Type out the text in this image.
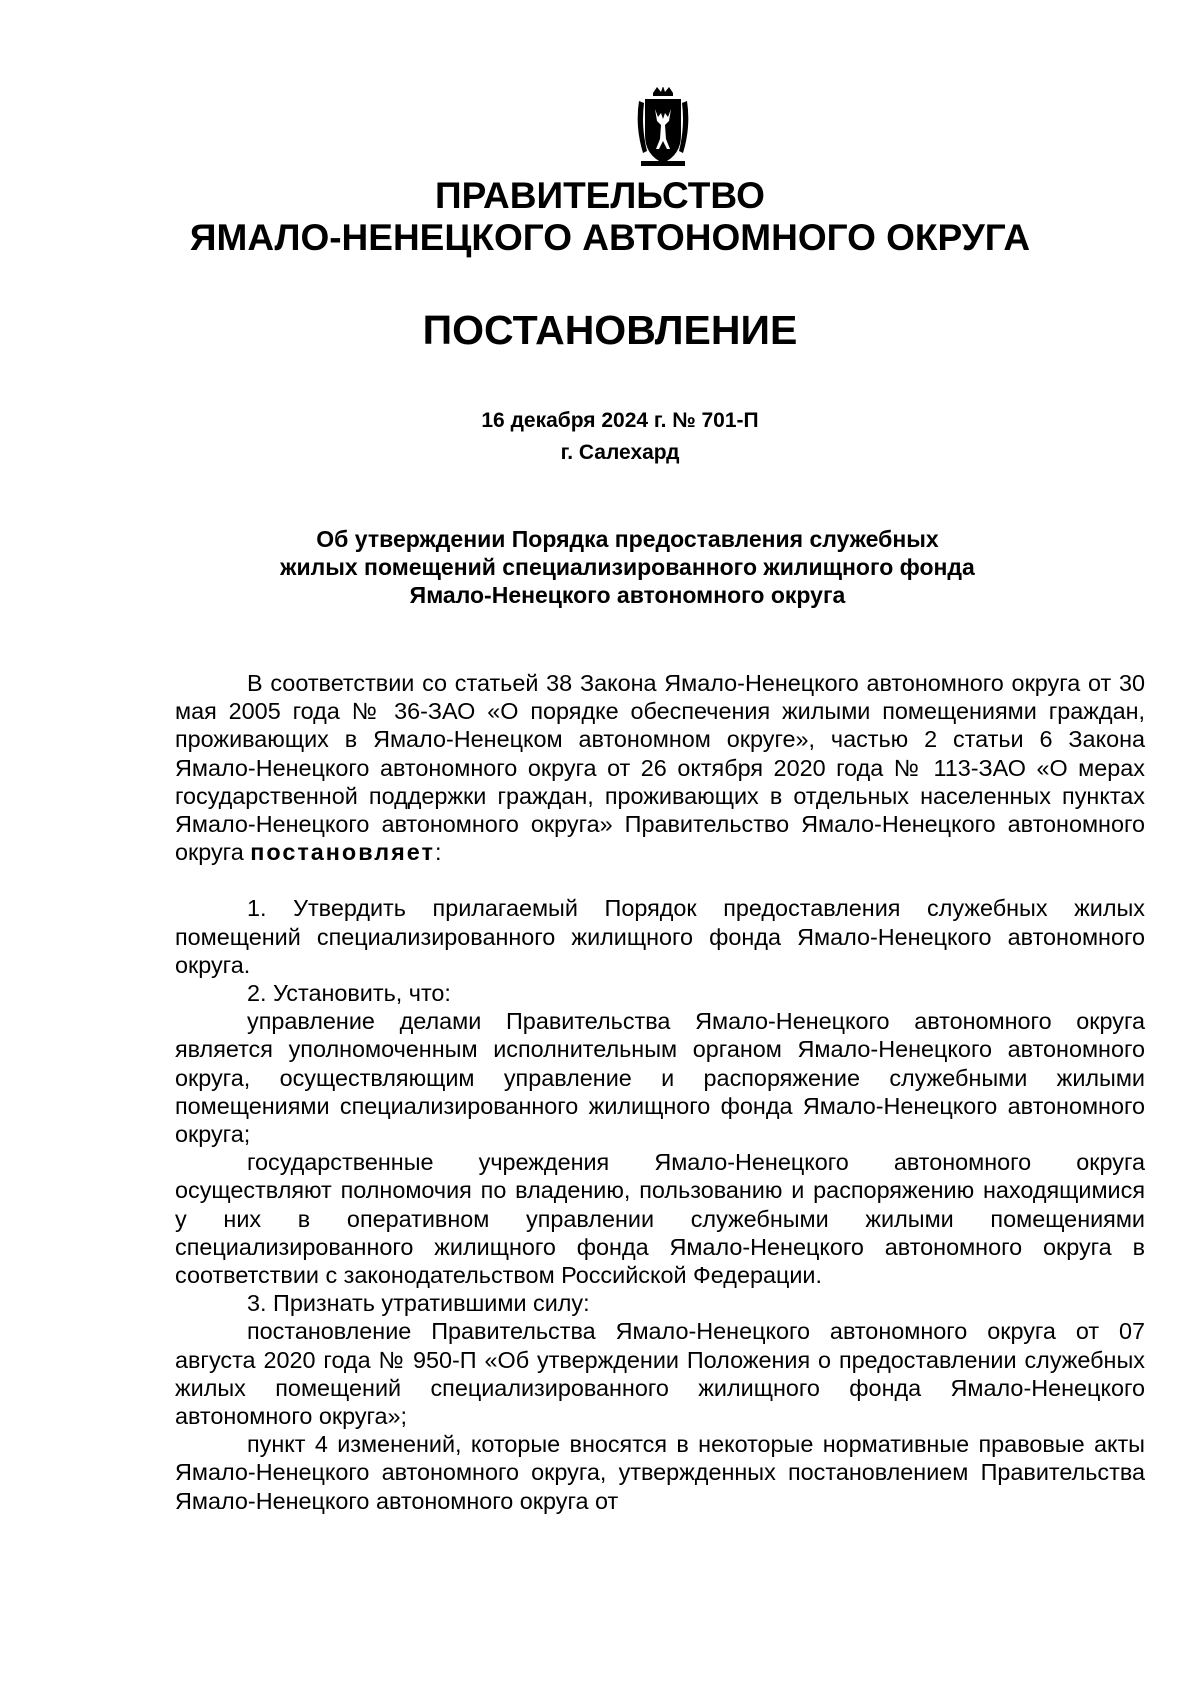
ПРАВИТЕЛЬСТВО
ЯМАЛО-НЕНЕЦКОГО АВТОНОМНОГО ОКРУГА
ПОСТАНОВЛЕНИЕ
16 декабря 2024 г. № 701-П
г. Салехард
Об утверждении Порядка предоставления служебных
жилых помещений специализированного жилищного фонда
Ямало-Ненецкого автономного округа

В соответствии со статьей 38 Закона Ямало-Ненецкого автономного округа от 30 мая 2005 года № 36-ЗАО «О порядке обеспечения жилыми помещениями граждан, проживающих в Ямало-Ненецком автономном округе», частью 2 статьи 6 Закона Ямало-Ненецкого автономного округа от 26 октября 2020 года № 113-ЗАО «О мерах государственной поддержки граждан, проживающих в отдельных населенных пунктах Ямало-Ненецкого автономного округа» Правительство Ямало-Ненецкого автономного округа постановляет:

1. Утвердить прилагаемый Порядок предоставления служебных жилых помещений специализированного жилищного фонда Ямало-Ненецкого автономного округа.

2. Установить, что:

управление делами Правительства Ямало-Ненецкого автономного округа является уполномоченным исполнительным органом Ямало-Ненецкого автономного округа, осуществляющим управление и распоряжение служебными жилыми помещениями специализированного жилищного фонда Ямало-Ненецкого автономного округа;

государственные учреждения Ямало-Ненецкого автономного округа осуществляют полномочия по владению, пользованию и распоряжению находящимися у них в оперативном управлении служебными жилыми помещениями специализированного жилищного фонда Ямало-Ненецкого автономного округа в соответствии с законодательством Российской Федерации.

3. Признать утратившими силу:

постановление Правительства Ямало-Ненецкого автономного округа от 07 августа 2020 года № 950-П «Об утверждении Положения о предоставлении служебных жилых помещений специализированного жилищного фонда Ямало-Ненецкого автономного округа»;

пункт 4 изменений, которые вносятся в некоторые нормативные правовые акты Ямало-Ненецкого автономного округа, утвержденных постановлением Правительства Ямало-Ненецкого автономного округа от
